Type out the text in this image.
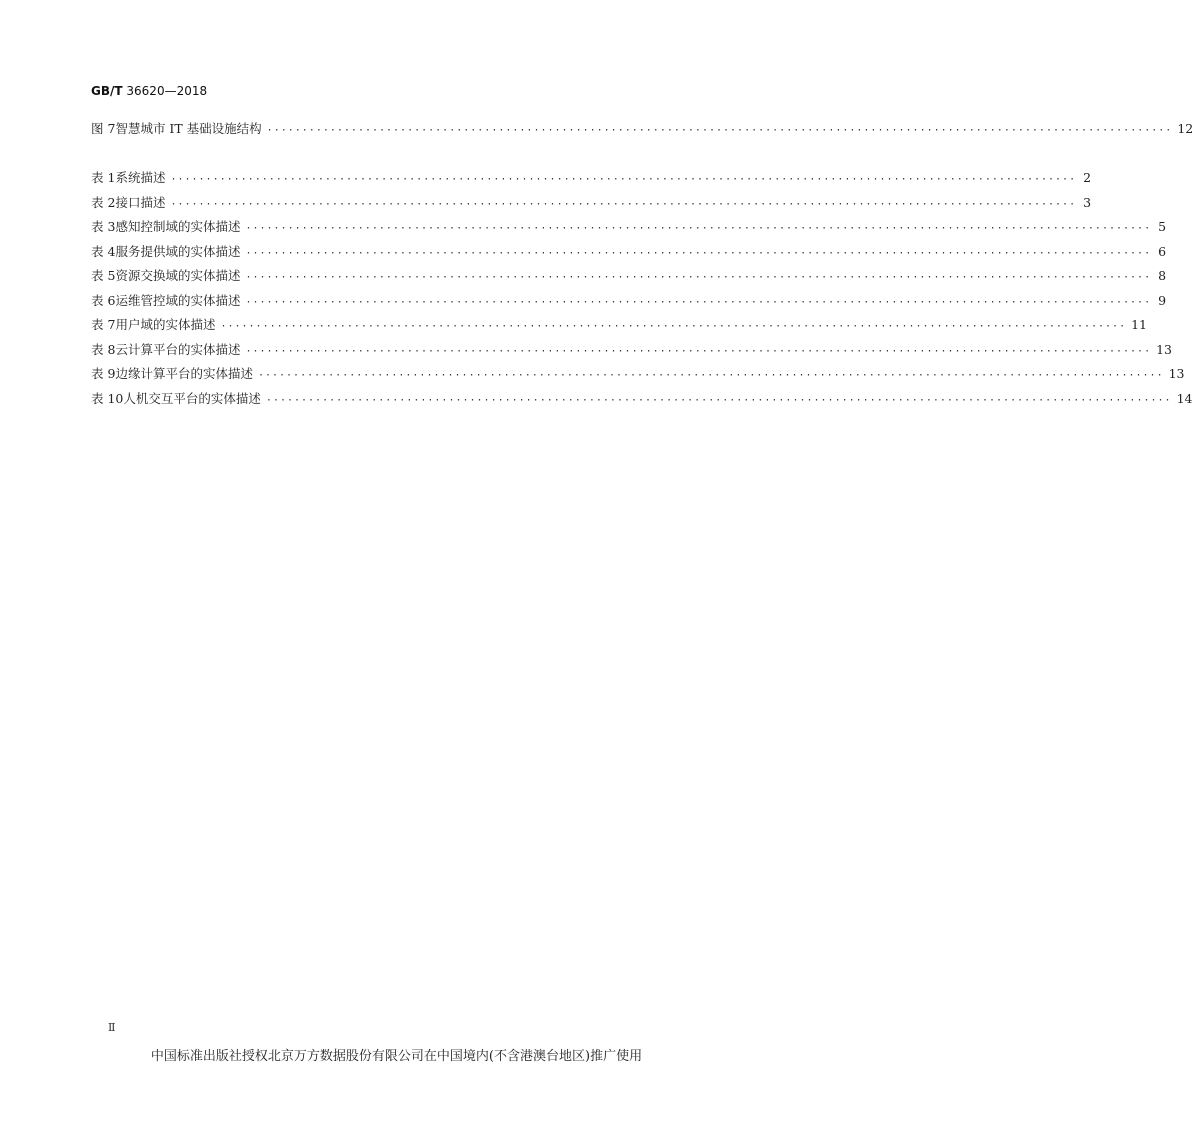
GB/T 36620—2018
图 7 智慧城市 IT 基础设施结构 ································································································································· 12
表 1 系统描述 ································································································································· 2
表 2 接口描述 ································································································································· 3
表 3 感知控制域的实体描述 ································································································································· 5
表 4 服务提供域的实体描述 ································································································································· 6
表 5 资源交换域的实体描述 ································································································································· 8
表 6 运维管控域的实体描述 ································································································································· 9
表 7 用户域的实体描述 ································································································································· 11
表 8 云计算平台的实体描述 ································································································································· 13
表 9 边缘计算平台的实体描述 ································································································································· 13
表 10 人机交互平台的实体描述 ································································································································· 14
Ⅱ
中国标准出版社授权北京万方数据股份有限公司在中国境内(不含港澳台地区)推广使用
